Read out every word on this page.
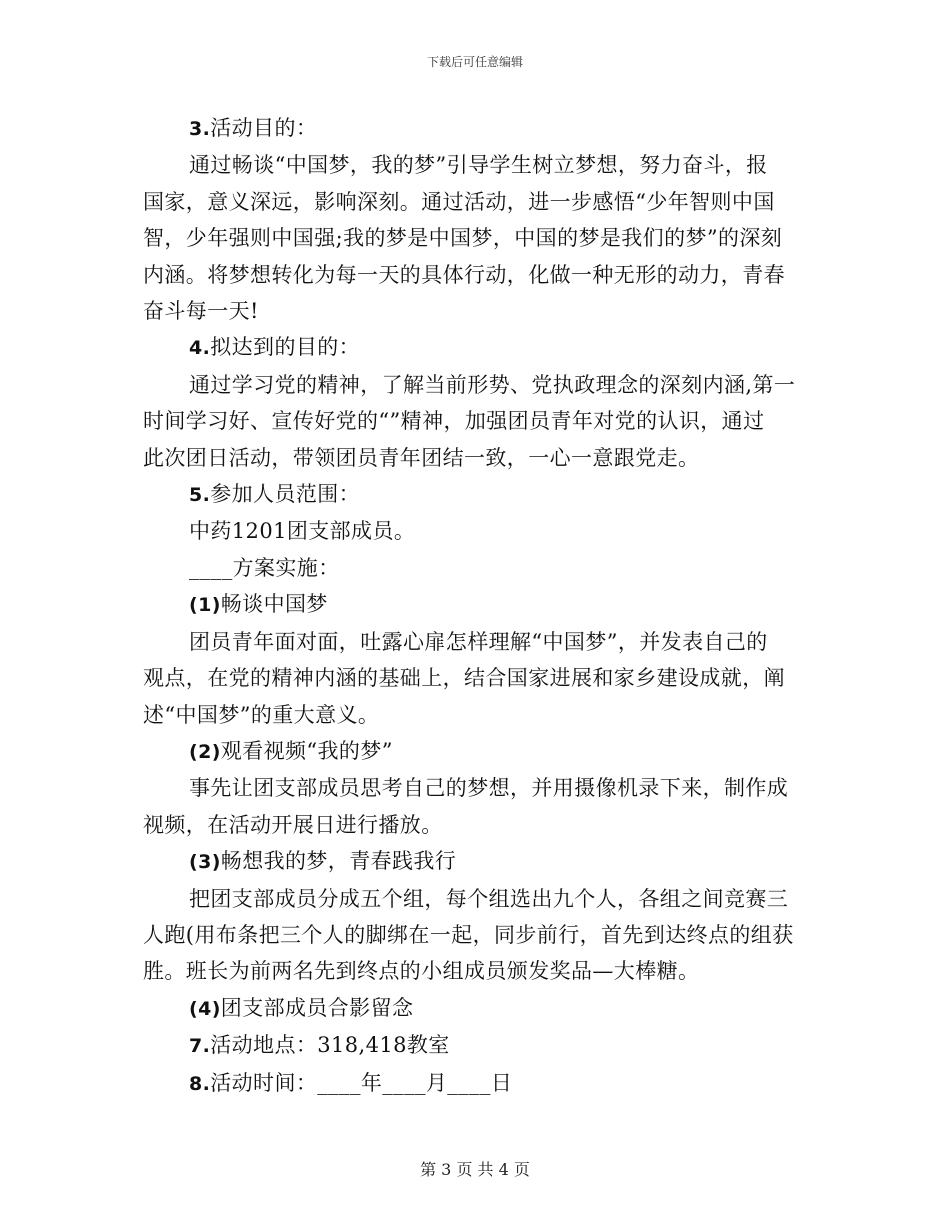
下载后可任意编辑
3.活动目的：
通过畅谈“中国梦，我的梦”引导学生树立梦想，努力奋斗，报
国家，意义深远，影响深刻。通过活动，进一步感悟“少年智则中国
智，少年强则中国强;我的梦是中国梦，中国的梦是我们的梦”的深刻
内涵。将梦想转化为每一天的具体行动，化做一种无形的动力，青春
奋斗每一天!
4.拟达到的目的：
通过学习党的精神，了解当前形势、党执政理念的深刻内涵,第一
时间学习好、宣传好党的“”精神，加强团员青年对党的认识，通过
此次团日活动，带领团员青年团结一致，一心一意跟党走。
5.参加人员范围：
中药1201团支部成员。
____方案实施：
(1)畅谈中国梦
团员青年面对面，吐露心扉怎样理解“中国梦”，并发表自己的
观点，在党的精神内涵的基础上，结合国家进展和家乡建设成就，阐
述“中国梦”的重大意义。
(2)观看视频“我的梦”
事先让团支部成员思考自己的梦想，并用摄像机录下来，制作成
视频，在活动开展日进行播放。
(3)畅想我的梦，青春践我行
把团支部成员分成五个组，每个组选出九个人，各组之间竞赛三
人跑(用布条把三个人的脚绑在一起，同步前行，首先到达终点的组获
胜。班长为前两名先到终点的小组成员颁发奖品—大棒糖。
(4)团支部成员合影留念
7.活动地点：318,418教室
8.活动时间：____年____月____日
第 3 页 共 4 页
